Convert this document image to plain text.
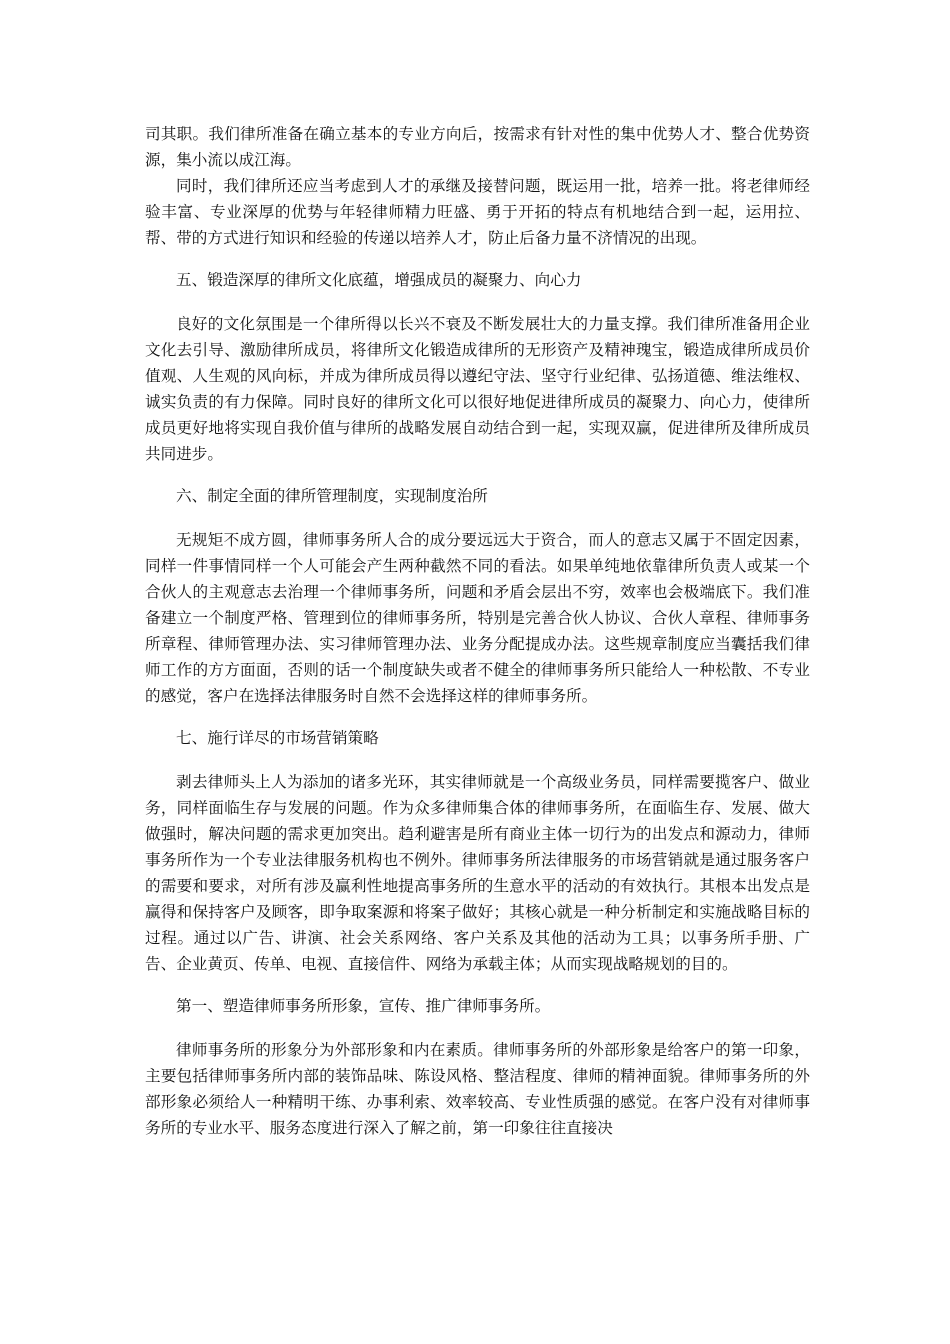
司其职。我们律所准备在确立基本的专业方向后，按需求有针对性的集中优势人才、整合优势资源，集小流以成江海。

同时，我们律所还应当考虑到人才的承继及接替问题，既运用一批，培养一批。将老律师经验丰富、专业深厚的优势与年轻律师精力旺盛、勇于开拓的特点有机地结合到一起，运用拉、帮、带的方式进行知识和经验的传递以培养人才，防止后备力量不济情况的出现。

五、锻造深厚的律所文化底蕴，增强成员的凝聚力、向心力

良好的文化氛围是一个律所得以长兴不衰及不断发展壮大的力量支撑。我们律所准备用企业文化去引导、激励律所成员，将律所文化锻造成律所的无形资产及精神瑰宝，锻造成律所成员价值观、人生观的风向标，并成为律所成员得以遵纪守法、坚守行业纪律、弘扬道德、维法维权、诚实负责的有力保障。同时良好的律所文化可以很好地促进律所成员的凝聚力、向心力，使律所成员更好地将实现自我价值与律所的战略发展自动结合到一起，实现双赢，促进律所及律所成员共同进步。

六、制定全面的律所管理制度，实现制度治所

无规矩不成方圆，律师事务所人合的成分要远远大于资合，而人的意志又属于不固定因素，同样一件事情同样一个人可能会产生两种截然不同的看法。如果单纯地依靠律所负责人或某一个合伙人的主观意志去治理一个律师事务所，问题和矛盾会层出不穷，效率也会极端底下。我们准备建立一个制度严格、管理到位的律师事务所，特别是完善合伙人协议、合伙人章程、律师事务所章程、律师管理办法、实习律师管理办法、业务分配提成办法。这些规章制度应当囊括我们律师工作的方方面面，否则的话一个制度缺失或者不健全的律师事务所只能给人一种松散、不专业的感觉，客户在选择法律服务时自然不会选择这样的律师事务所。

七、施行详尽的市场营销策略

剥去律师头上人为添加的诸多光环，其实律师就是一个高级业务员，同样需要揽客户、做业务，同样面临生存与发展的问题。作为众多律师集合体的律师事务所，在面临生存、发展、做大做强时，解决问题的需求更加突出。趋利避害是所有商业主体一切行为的出发点和源动力，律师事务所作为一个专业法律服务机构也不例外。律师事务所法律服务的市场营销就是通过服务客户的需要和要求，对所有涉及赢利性地提高事务所的生意水平的活动的有效执行。其根本出发点是赢得和保持客户及顾客，即争取案源和将案子做好；其核心就是一种分析制定和实施战略目标的过程。通过以广告、讲演、社会关系网络、客户关系及其他的活动为工具；以事务所手册、广告、企业黄页、传单、电视、直接信件、网络为承载主体；从而实现战略规划的目的。

第一、塑造律师事务所形象，宣传、推广律师事务所。

律师事务所的形象分为外部形象和内在素质。律师事务所的外部形象是给客户的第一印象，主要包括律师事务所内部的装饰品味、陈设风格、整洁程度、律师的精神面貌。律师事务所的外部形象必须给人一种精明干练、办事利索、效率较高、专业性质强的感觉。在客户没有对律师事务所的专业水平、服务态度进行深入了解之前，第一印象往往直接决
